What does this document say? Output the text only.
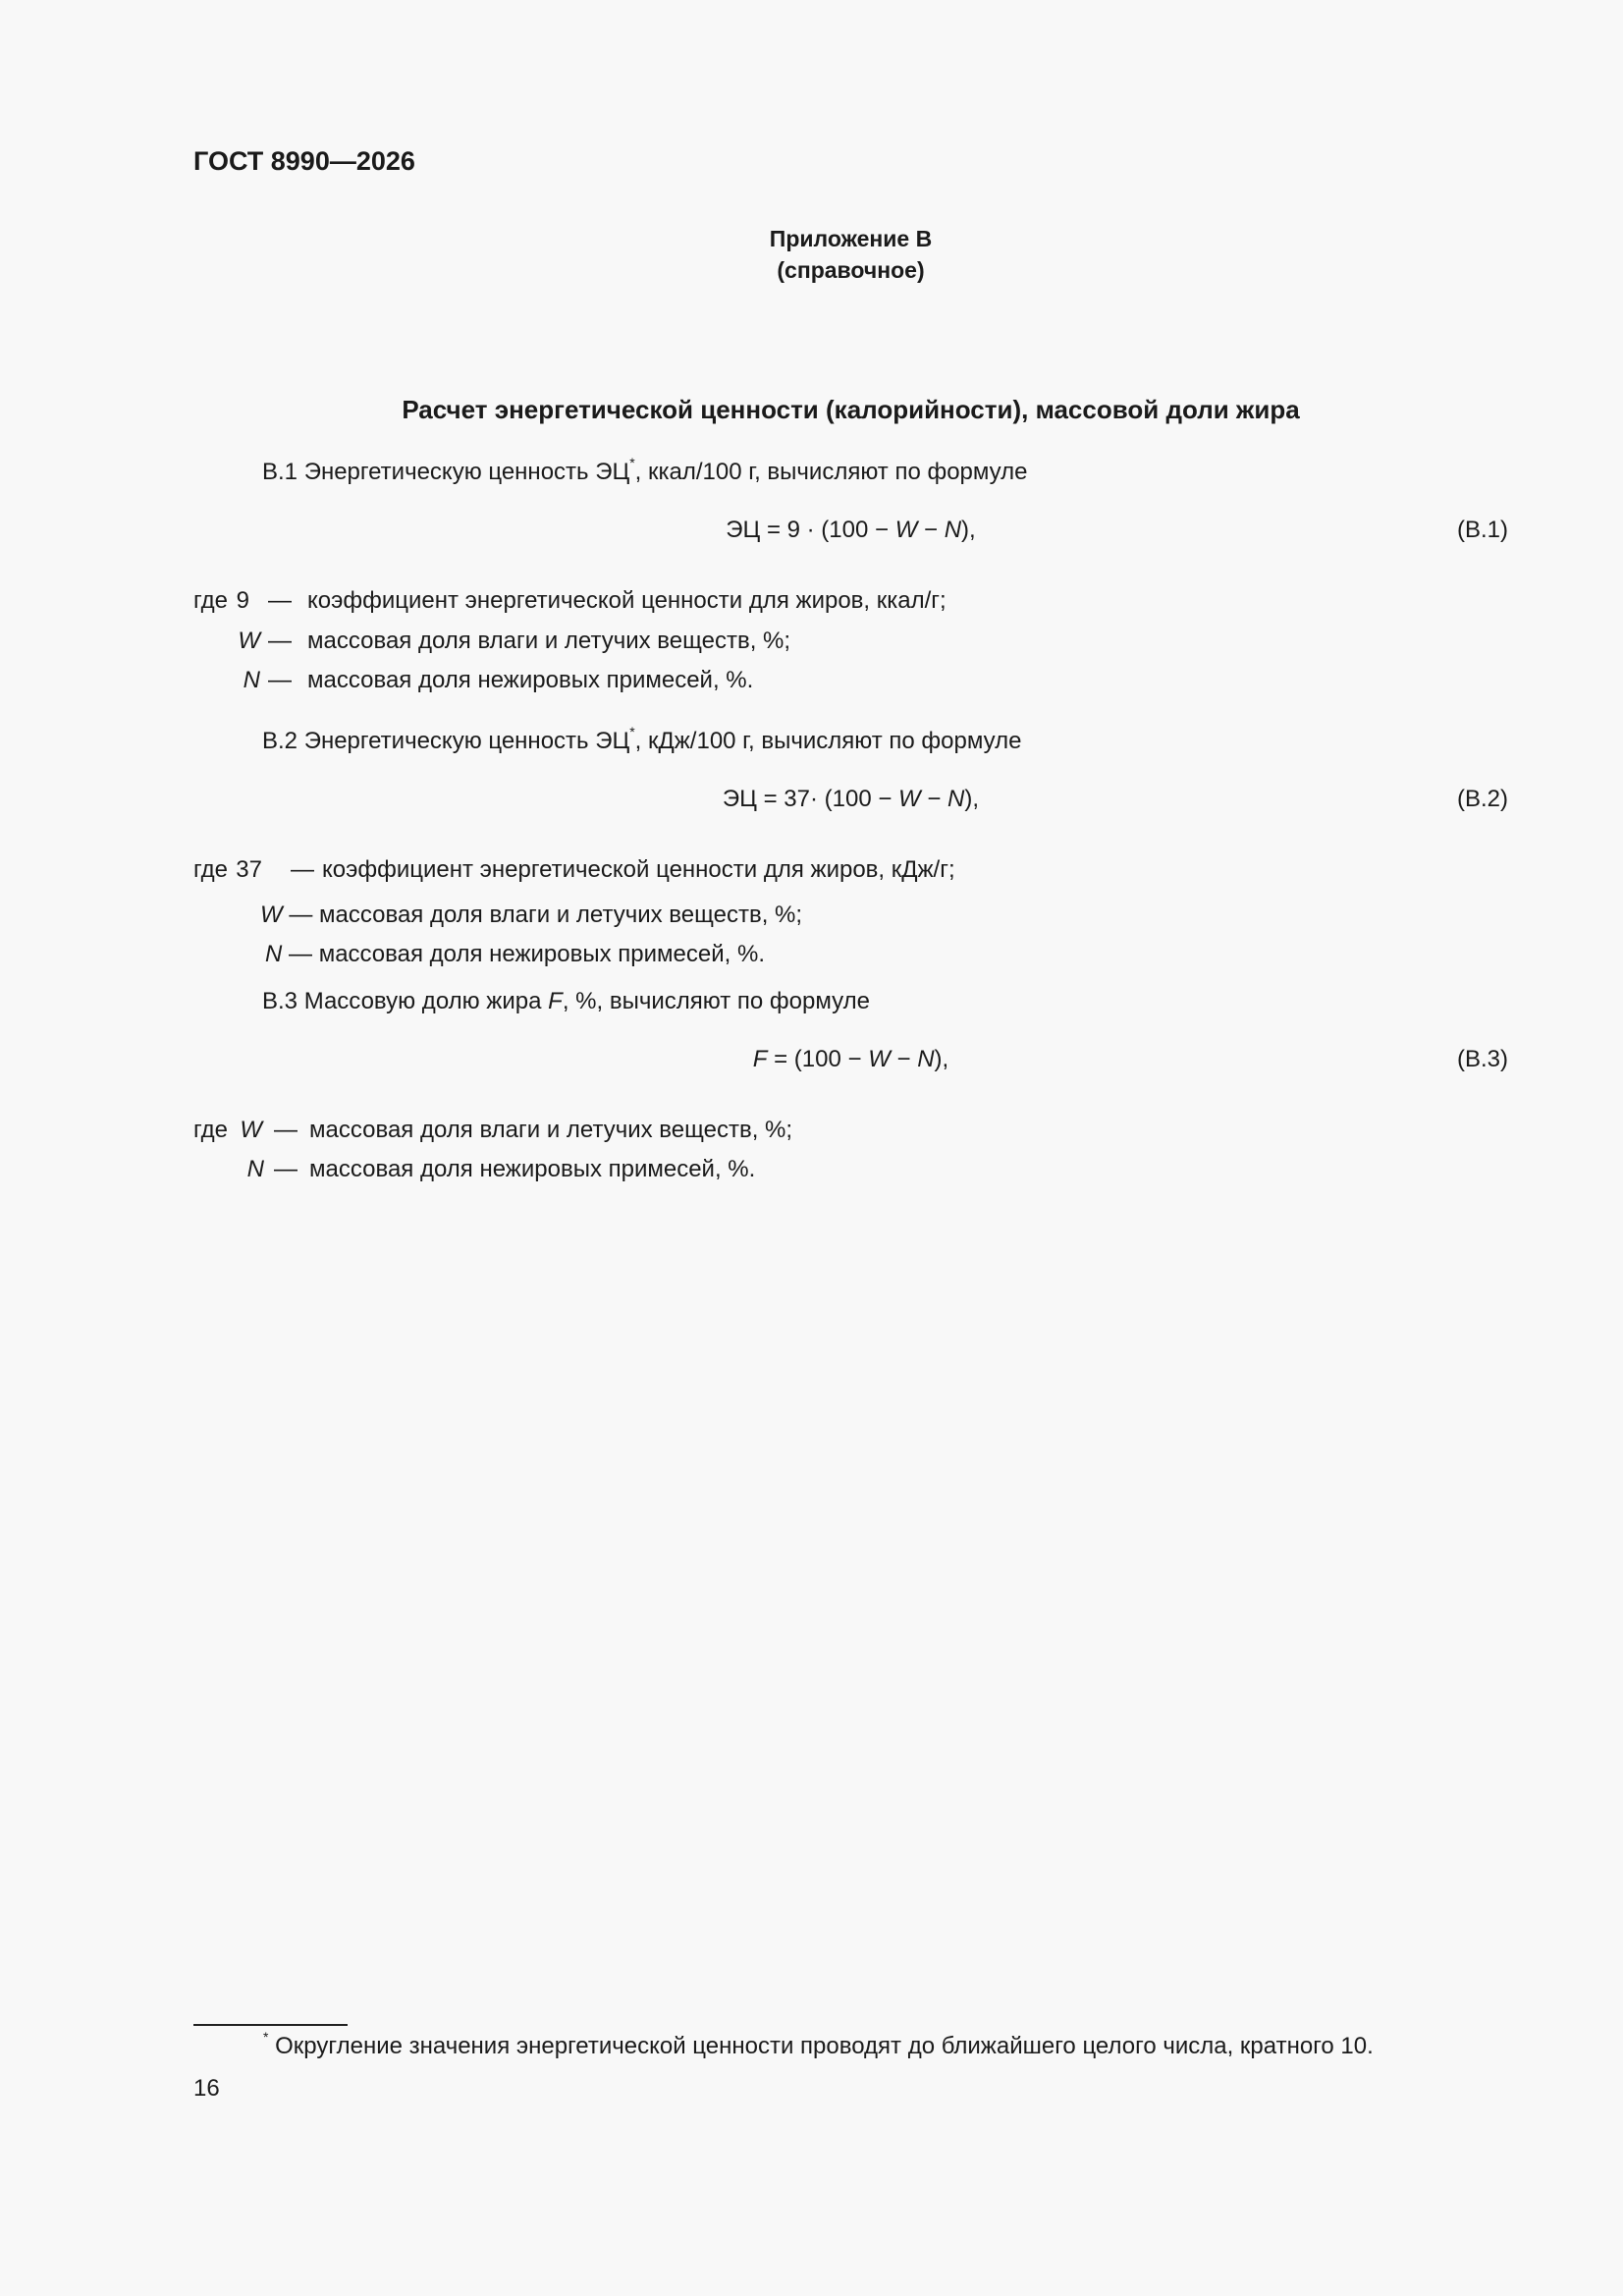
ГОСТ 8990—2026
Приложение В
(справочное)
Расчет энергетической ценности (калорийности), массовой доли жира
В.1 Энергетическую ценность ЭЦ*, ккал/100 г, вычисляют по формуле
ЭЦ = 9 · (100 − W − N),	(В.1)
где 9 — коэффициент энергетической ценности для жиров, ккал/г;
W — массовая доля влаги и летучих веществ, %;
N — массовая доля нежировых примесей, %.
В.2 Энергетическую ценность ЭЦ*, кДж/100 г, вычисляют по формуле
ЭЦ = 37· (100 − W − N),	(В.2)
где 37 — коэффициент энергетической ценности для жиров, кДж/г;
W — массовая доля влаги и летучих веществ, %;
N — массовая доля нежировых примесей, %.
В.3 Массовую долю жира F, %, вычисляют по формуле
F = (100 − W − N),	(В.3)
где W — массовая доля влаги и летучих веществ, %;
N — массовая доля нежировых примесей, %.
* Округление значения энергетической ценности проводят до ближайшего целого числа, кратного 10.
16
